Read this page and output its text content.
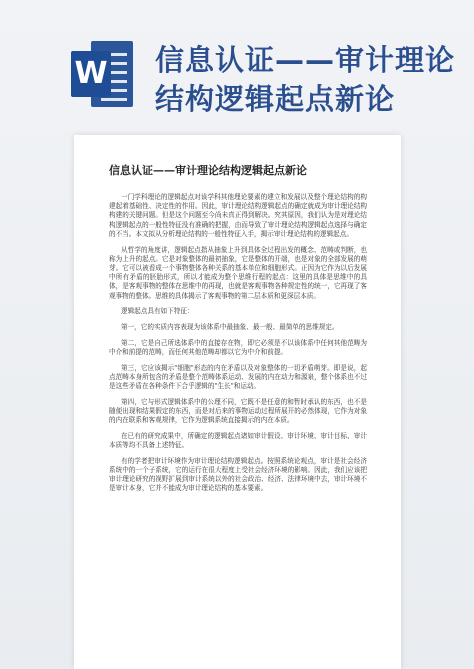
W 信息认证——审计理论
结构逻辑起点新论
信息认证——审计理论结构逻辑起点新论

一门学科理论的逻辑起点对该学科其他理论要素的建立和发展以及整个理论结构的构建起着基础性、决定性的作用。因此，审计理论结构逻辑起点的确定就成为审计理论结构构建的关键问题。但是这个问题至今尚未真正得到解决。究其原因，我们认为是对理论结构逻辑起点的一般性特征没有准确的把握，由而导致了审计理论结构逻辑起点选择与确定的不当。本文拟从分析理论结构的一般性特征入手，揭示审计理论结构的逻辑起点。

从哲学的角度讲，逻辑起点指从抽象上升到具体全过程出发的概念、范畴或判断，也称为上升的起点。它是对象整体的最初抽象，它是整体的开端，也是对象的全部发展的萌芽。它可以被看成一个事物整体各种关系的基本单位和细胞形式。正因为它作为以后发展中所有矛盾的胚胎形式，所以才能成为整个思维行程的起点：这里的具体是思维中的具体，是客观事物的整体在思维中的再现，也就是客观事物各种规定性的统一，它再现了客观事物的整体。思维的具体揭示了客观事物的第二层本质和更深层本质。

逻辑起点具有如下特征：

第一，它的实质内容表现为该体系中最抽象、最一般、最简单的思维规定。

第二，它是自己所选体系中的直接存在物，即它必须是不以该体系中任何其他范畴为中介和前提的范畴，而任何其他范畴却都以它为中介和前提。

第三，它应该揭示"细胞"形态的内在矛盾以及对象整体的一切矛盾萌芽。即是说，起点范畴本身所包含的矛盾是整个范畴体系运动、发展的内在动力和源泉，整个体系也不过是这些矛盾在各种条件下合乎逻辑的"生长"和运动。

第四，它与形式逻辑体系中的公理不同，它既不是任意的和暂时承认的东西，也不是随便出现和结果假定的东西，而是对后来的事物运动过程所展开的必然体现，它作为对象的内在联系和客观规律，它作为逻辑系统直接揭示的内在本质。

在已有的研究成果中，所确定的逻辑起点诸如审计假设、审计环境、审计目标、审计本质等均不具备上述特征。

有的学者把审计环境作为审计理论结构逻辑起点。按照系统论观点，审计是社会经济系统中的一个子系统，它的运行在很大程度上受社会经济环境的影响。因此，我们应该把审计理论研究的视野扩展到审计系统以外的社会政治、经济、法律环境中去，审计环境不是审计本身，它并不能成为审计理论结构的基本要素。
